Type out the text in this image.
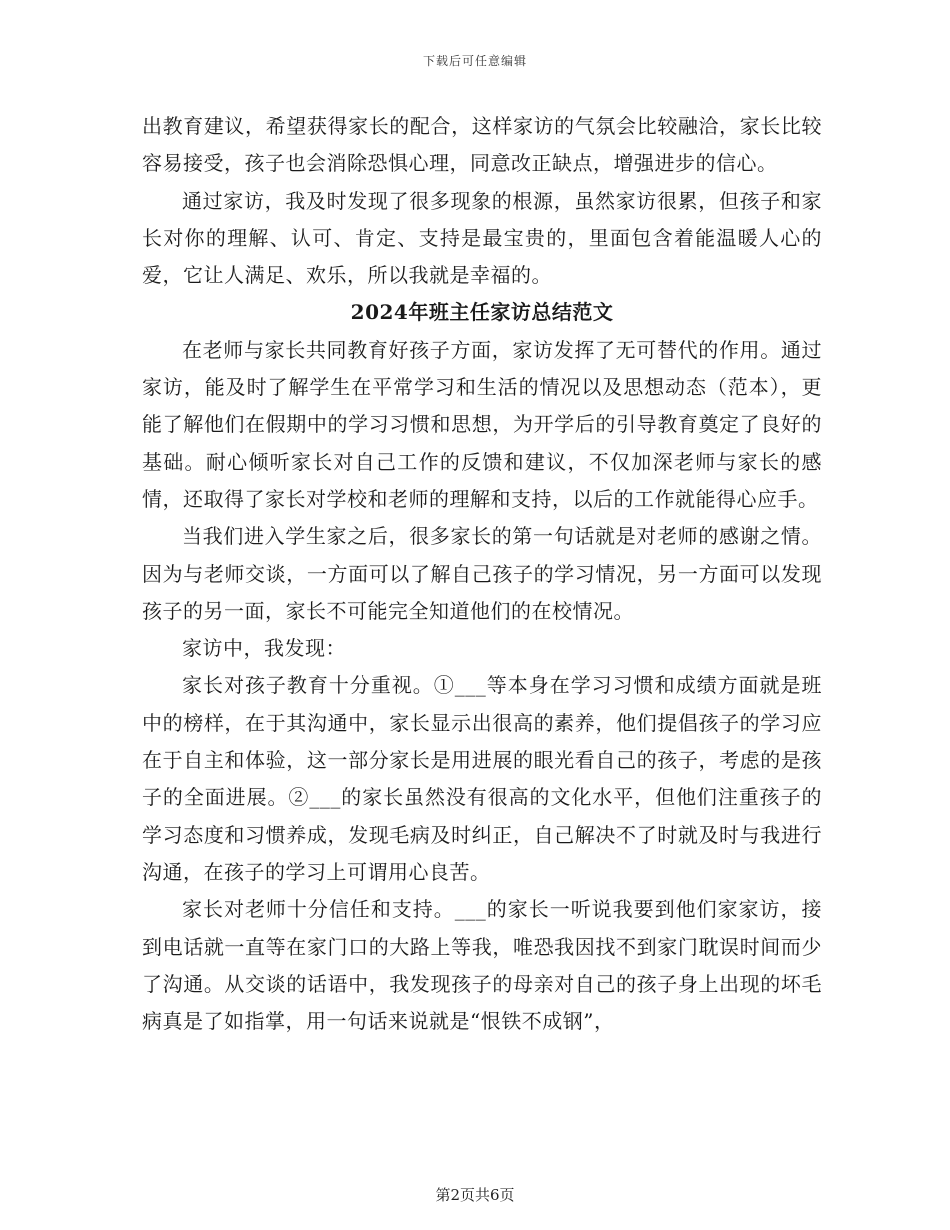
下载后可任意编辑

出教育建议，希望获得家长的配合，这样家访的气氛会比较融洽，家长比较容易接受，孩子也会消除恐惧心理，同意改正缺点，增强进步的信心。

通过家访，我及时发现了很多现象的根源，虽然家访很累，但孩子和家长对你的理解、认可、肯定、支持是最宝贵的，里面包含着能温暖人心的爱，它让人满足、欢乐，所以我就是幸福的。

2024年班主任家访总结范文

在老师与家长共同教育好孩子方面，家访发挥了无可替代的作用。通过家访，能及时了解学生在平常学习和生活的情况以及思想动态（范本），更能了解他们在假期中的学习习惯和思想，为开学后的引导教育奠定了良好的基础。耐心倾听家长对自己工作的反馈和建议，不仅加深老师与家长的感情，还取得了家长对学校和老师的理解和支持，以后的工作就能得心应手。

当我们进入学生家之后，很多家长的第一句话就是对老师的感谢之情。因为与老师交谈，一方面可以了解自己孩子的学习情况，另一方面可以发现孩子的另一面，家长不可能完全知道他们的在校情况。

家访中，我发现：

家长对孩子教育十分重视。①___等本身在学习习惯和成绩方面就是班中的榜样，在于其沟通中，家长显示出很高的素养，他们提倡孩子的学习应在于自主和体验，这一部分家长是用进展的眼光看自己的孩子，考虑的是孩子的全面进展。②___的家长虽然没有很高的文化水平，但他们注重孩子的学习态度和习惯养成，发现毛病及时纠正，自己解决不了时就及时与我进行沟通，在孩子的学习上可谓用心良苦。

家长对老师十分信任和支持。___的家长一听说我要到他们家家访，接到电话就一直等在家门口的大路上等我，唯恐我因找不到家门耽误时间而少了沟通。从交谈的话语中，我发现孩子的母亲对自己的孩子身上出现的坏毛病真是了如指掌，用一句话来说就是“恨铁不成钢”，

第2页共6页
